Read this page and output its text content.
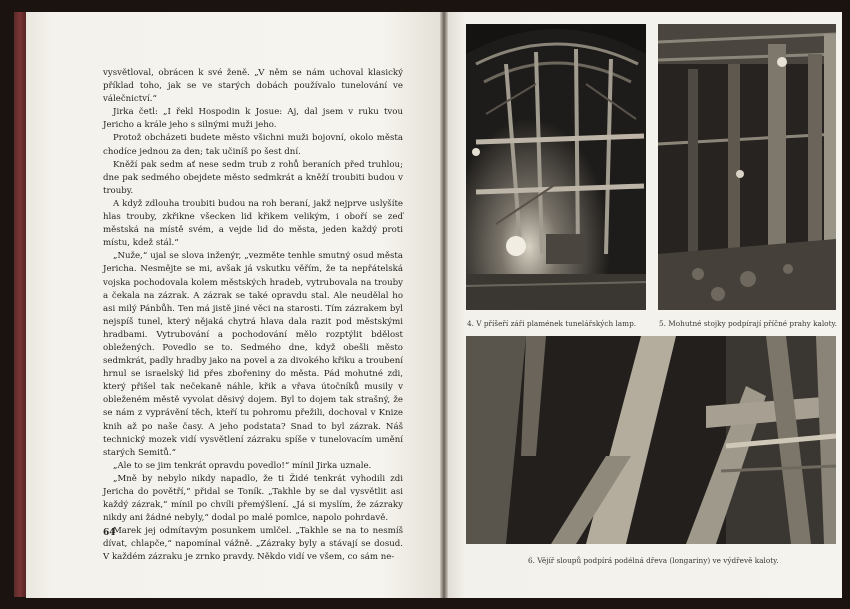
vysvětloval, obrácen k své ženě. „V něm se nám uchoval klasický příklad toho, jak se ve starých dobách používalo tunelování ve válečnictví.“

Jirka četl: „I řekl Hospodin k Josue: Aj, dal jsem v ruku tvou Jericho a krále jeho s silnými muži jeho.

Protož obcházeti budete město všichni muži bojovní, okolo města chodíce jednou za den; tak učiníš po šest dní.

Kněží pak sedm ať nese sedm trub z rohů beraních před truhlou; dne pak sedmého obejdete město sedmkrát a kněží troubiti budou v trouby.

A když zdlouha troubiti budou na roh beraní, jakž nejprve uslyšíte hlas trouby, zkřikne všecken lid křikem velikým, i oboří se zeď městská na místě svém, a vejde lid do města, jeden každý proti místu, kdež stál.“

„Nuže,“ ujal se slova inženýr, „vezměte tenhle smutný osud města Jericha. Nesmějte se mi, avšak já vskutku věřím, že ta nepřátelská vojska pochodovala kolem městských hradeb, vytrubovala na trouby a čekala na zázrak. A zázrak se také opravdu stal. Ale neudělal ho asi milý Pánbůh. Ten má jistě jiné věci na starosti. Tím zázrakem byl nejspíš tunel, který nějaká chytrá hlava dala razit pod městskými hradbami. Vytrubování a pochodování mělo rozptýlit bdělost obležených. Povedlo se to. Sedmého dne, když obešli město sedmkrát, padly hradby jako na povel a za divokého křiku a troubení hrnul se israelský lid přes zbořeniny do města. Pád mohutné zdi, který přišel tak nečekaně náhle, křik a vřava útočníků musily v obleženém městě vyvolat děsivý dojem. Byl to dojem tak strašný, že se nám z vyprávění těch, kteří tu pohromu přežili, dochoval v Knize knih až po naše časy. A jeho podstata? Snad to byl zázrak. Náš technický mozek vidí vysvětlení zázraku spíše v tunelovacím umění starých Semitů.“

„Ale to se jim tenkrát opravdu povedlo!“ mínil Jirka uznale.

„Mně by nebylo nikdy napadlo, že ti Židé tenkrát vyhodili zdi Jericha do povětří,“ přidal se Toník. „Takhle by se dal vysvětlit asi každý zázrak,“ mínil po chvíli přemýšlení. „Já si myslím, že zázraky nikdy ani žádné nebyly,“ dodal po malé pomlce, napolo pohrdavě.

Marek jej odmítavým posunkem umlčel. „Takhle se na to nesmíš dívat, chlapče,“ napomínal vážně. „Zázraky byly a stávají se dosud. V každém zázraku je zrnko pravdy. Někdo vidí ve všem, co sám ne-

64
4. V příšeří záři plamének tunelářských lamp.	5. Mohutné stojky podpírají příčné prahy kaloty.
6. Vějíř sloupů podpírá podélná dřeva (longariny) ve výdřevě kaloty.
